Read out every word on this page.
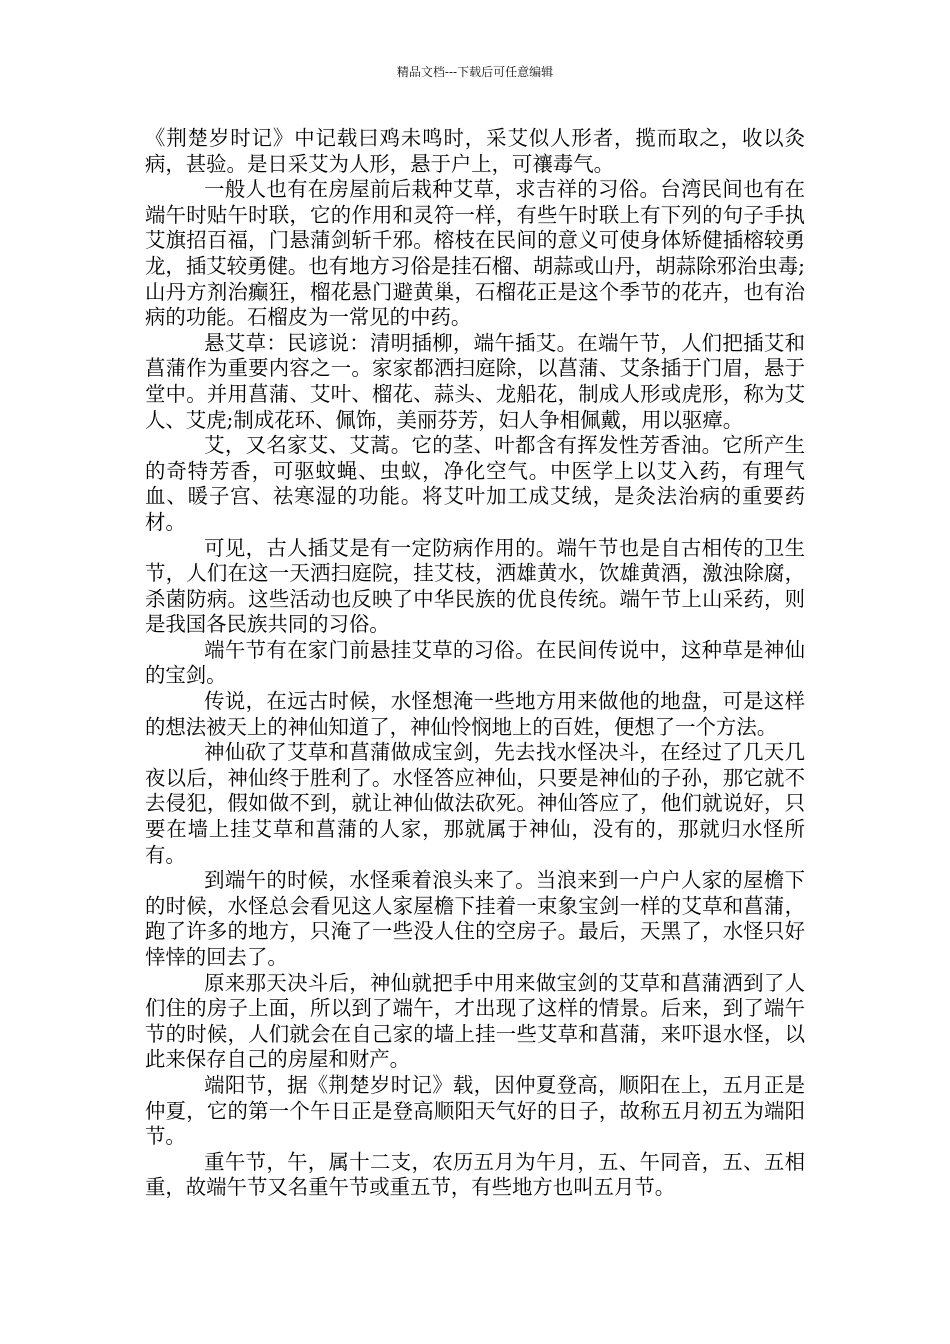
精品文档---下载后可任意编辑

《荆楚岁时记》中记载曰鸡未鸣时，采艾似人形者，揽而取之，收以灸病，甚验。是日采艾为人形，悬于户上，可禳毒气。

一般人也有在房屋前后栽种艾草，求吉祥的习俗。台湾民间也有在端午时贴午时联，它的作用和灵符一样，有些午时联上有下列的句子手执艾旗招百福，门悬蒲剑斩千邪。榕枝在民间的意义可使身体矫健插榕较勇龙，插艾较勇健。也有地方习俗是挂石榴、胡蒜或山丹，胡蒜除邪治虫毒;山丹方剂治癫狂，榴花悬门避黄巢，石榴花正是这个季节的花卉，也有治病的功能。石榴皮为一常见的中药。

悬艾草：民谚说：清明插柳，端午插艾。在端午节，人们把插艾和菖蒲作为重要内容之一。家家都洒扫庭除，以菖蒲、艾条插于门眉，悬于堂中。并用菖蒲、艾叶、榴花、蒜头、龙船花，制成人形或虎形，称为艾人、艾虎;制成花环、佩饰，美丽芬芳，妇人争相佩戴，用以驱瘴。

艾，又名家艾、艾蒿。它的茎、叶都含有挥发性芳香油。它所产生的奇特芳香，可驱蚊蝇、虫蚁，净化空气。中医学上以艾入药，有理气血、暖子宫、祛寒湿的功能。将艾叶加工成艾绒，是灸法治病的重要药材。

可见，古人插艾是有一定防病作用的。端午节也是自古相传的卫生节，人们在这一天洒扫庭院，挂艾枝，洒雄黄水，饮雄黄酒，激浊除腐，杀菌防病。这些活动也反映了中华民族的优良传统。端午节上山采药，则是我国各民族共同的习俗。

端午节有在家门前悬挂艾草的习俗。在民间传说中，这种草是神仙的宝剑。

传说，在远古时候，水怪想淹一些地方用来做他的地盘，可是这样的想法被天上的神仙知道了，神仙怜悯地上的百姓，便想了一个方法。

神仙砍了艾草和菖蒲做成宝剑，先去找水怪决斗，在经过了几天几夜以后，神仙终于胜利了。水怪答应神仙，只要是神仙的子孙，那它就不去侵犯，假如做不到，就让神仙做法砍死。神仙答应了，他们就说好，只要在墙上挂艾草和菖蒲的人家，那就属于神仙，没有的，那就归水怪所有。

到端午的时候，水怪乘着浪头来了。当浪来到一户户人家的屋檐下的时候，水怪总会看见这人家屋檐下挂着一束象宝剑一样的艾草和菖蒲，跑了许多的地方，只淹了一些没人住的空房子。最后，天黑了，水怪只好悻悻的回去了。

原来那天决斗后，神仙就把手中用来做宝剑的艾草和菖蒲洒到了人们住的房子上面，所以到了端午，才出现了这样的情景。后来，到了端午节的时候，人们就会在自己家的墙上挂一些艾草和菖蒲，来吓退水怪，以此来保存自己的房屋和财产。

端阳节，据《荆楚岁时记》载，因仲夏登高，顺阳在上，五月正是仲夏，它的第一个午日正是登高顺阳天气好的日子，故称五月初五为端阳节。

重午节，午，属十二支，农历五月为午月，五、午同音，五、五相重，故端午节又名重午节或重五节，有些地方也叫五月节。
